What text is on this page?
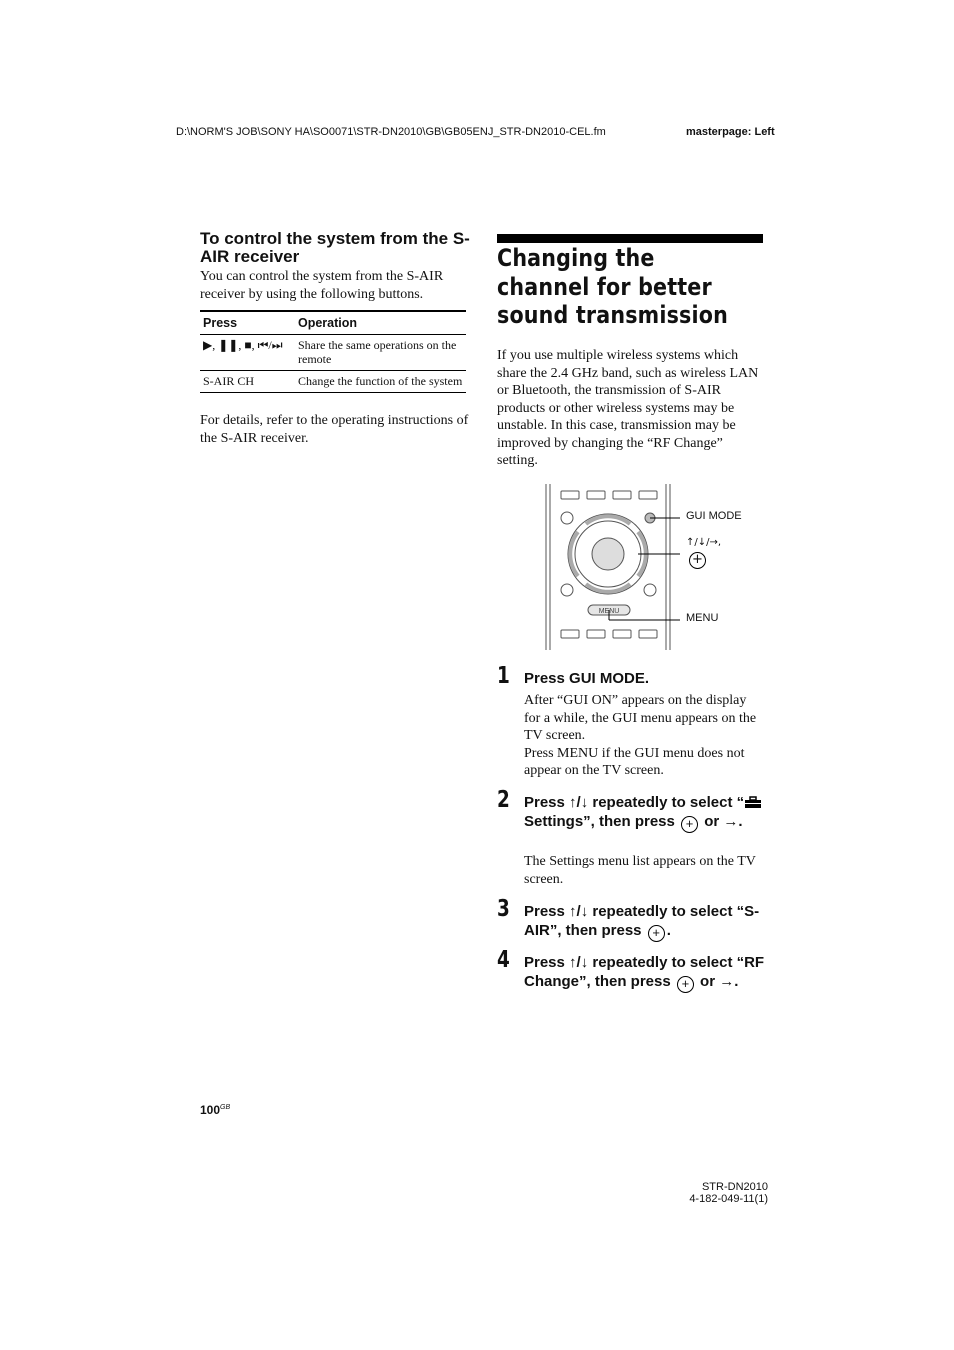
D:\NORM'S JOB\SONY HA\SO0071\STR-DN2010\GB\GB05ENJ_STR-DN2010-CEL.fm	masterpage: Left
To control the system from the S-AIR receiver
You can control the system from the S-AIR receiver by using the following buttons.
Press	Operation
▶, ❚❚, ■, ⏮/⏭	Share the same operations on the remote
S-AIR CH	Change the function of the system
For details, refer to the operating instructions of the S-AIR receiver.
Changing the channel for better sound transmission
If you use multiple wireless systems which share the 2.4 GHz band, such as wireless LAN or Bluetooth, the transmission of S-AIR products or other wireless systems may be unstable. In this case, transmission may be improved by changing the “RF Change” setting.
MENU
GUI MODE
↑/↓/→,
+
MENU
1 Press GUI MODE.
After “GUI ON” appears on the display for a while, the GUI menu appears on the TV screen.
Press MENU if the GUI menu does not appear on the TV screen.
2 Press ↑/↓ repeatedly to select “ Settings”, then press + or →.
The Settings menu list appears on the TV screen.
3 Press ↑/↓ repeatedly to select “S-AIR”, then press + .
4 Press ↑/↓ repeatedly to select “RF Change”, then press + or →.
$100^{GB}$
STR-DN2010
4-182-049-11(1)
